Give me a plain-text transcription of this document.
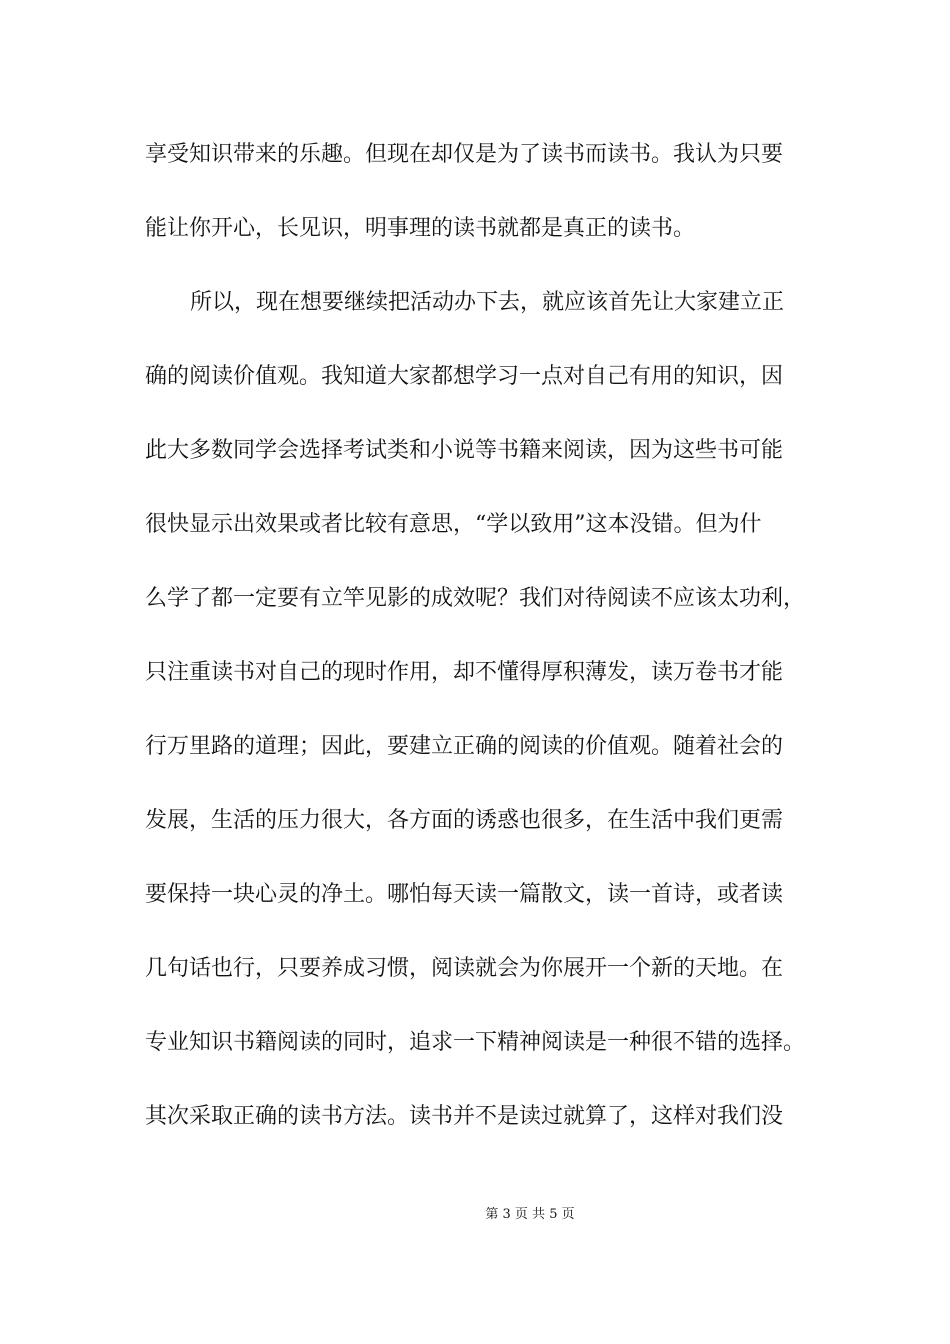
享受知识带来的乐趣。但现在却仅是为了读书而读书。我认为只要
能让你开心，长见识，明事理的读书就都是真正的读书。
所以，现在想要继续把活动办下去，就应该首先让大家建立正
确的阅读价值观。我知道大家都想学习一点对自己有用的知识，因
此大多数同学会选择考试类和小说等书籍来阅读，因为这些书可能
很快显示出效果或者比较有意思，“学以致用”这本没错。但为什
么学了都一定要有立竿见影的成效呢？我们对待阅读不应该太功利，
只注重读书对自己的现时作用，却不懂得厚积薄发，读万卷书才能
行万里路的道理；因此，要建立正确的阅读的价值观。随着社会的
发展，生活的压力很大，各方面的诱惑也很多，在生活中我们更需
要保持一块心灵的净土。哪怕每天读一篇散文，读一首诗，或者读
几句话也行，只要养成习惯，阅读就会为你展开一个新的天地。在
专业知识书籍阅读的同时，追求一下精神阅读是一种很不错的选择。
其次采取正确的读书方法。读书并不是读过就算了，这样对我们没
第 3 页 共 5 页
